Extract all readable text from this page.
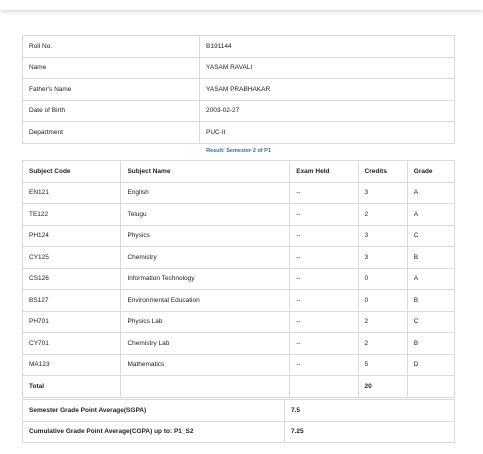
Roll No.	B191144
Name	YASAM RAVALI
Father's Name	YASAM PRABHAKAR
Date of Birth	2003-02-27
Department	PUC-II
Result: Semester-2 of P1
Subject Code	Subject Name	Exam Held	Credits	Grade
EN121	English	--	3	A
TE122	Telugu	--	2	A
PH124	Physics	--	3	C
CY125	Chemistry	--	3	B
CS126	Information Technology	--	0	A
BS127	Environmental Education	--	0	B
PH701	Physics Lab	--	2	C
CY701	Chemistry Lab	--	2	B
MA123	Mathematics	--	5	D
Total			20	
Semester Grade Point Average(SGPA)	7.5
Cumulative Grade Point Average(CGPA) up to: P1_S2	7.25
